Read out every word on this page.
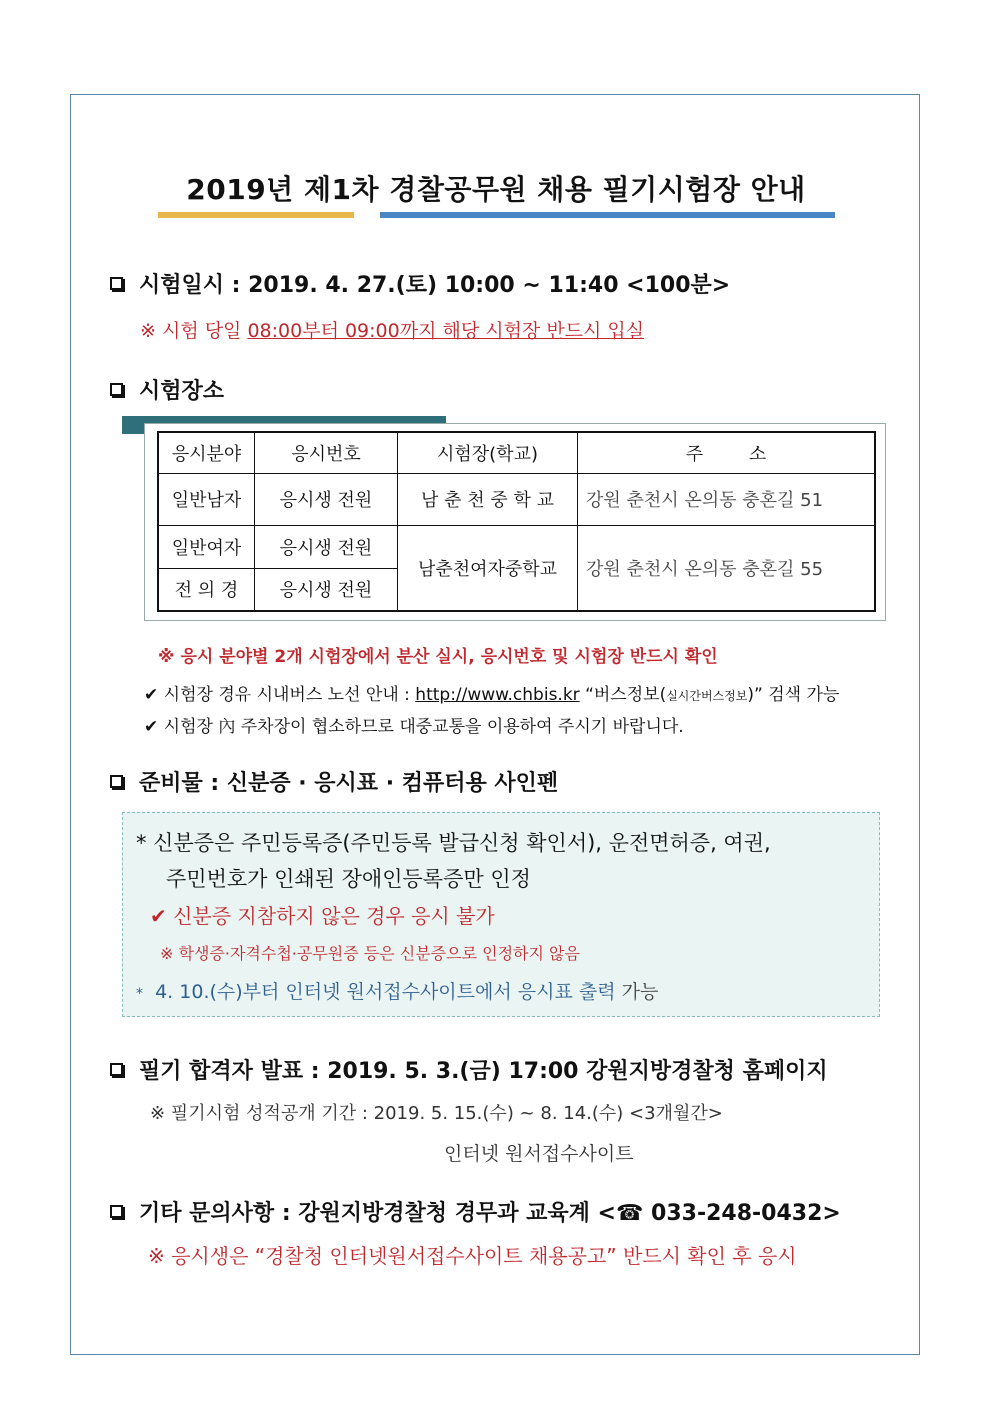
2019년 제1차 경찰공무원 채용 필기시험장 안내
시험일시 : 2019. 4. 27.(토) 10:00 ~ 11:40 <100분>
※ 시험 당일 08:00부터 09:00까지 해당 시험장 반드시 입실
시험장소
응시분야	응시번호	시험장(학교)	주        소
일반남자	응시생 전원	남 춘 천 중 학 교	강원 춘천시 온의동 충혼길 51
일반여자	응시생 전원	남춘천여자중학교	강원 춘천시 온의동 충혼길 55
전 의 경	응시생 전원		
※ 응시 분야별 2개 시험장에서 분산 실시, 응시번호 및 시험장 반드시 확인
✔ 시험장 경유 시내버스 노선 안내 : http://www.chbis.kr “버스정보(실시간버스정보)” 검색 가능
✔ 시험장 內 주차장이 협소하므로 대중교통을 이용하여 주시기 바랍니다.
준비물 : 신분증 · 응시표 · 컴퓨터용 사인펜
* 신분증은 주민등록증(주민등록 발급신청 확인서), 운전면허증, 여권,
주민번호가 인쇄된 장애인등록증만 인정
✔ 신분증 지참하지 않은 경우 응시 불가
※ 학생증·자격수첩·공무원증 등은 신분증으로 인정하지 않음
* 4. 10.(수)부터 인터넷 원서접수사이트에서 응시표 출력 가능
필기 합격자 발표 : 2019. 5. 3.(금) 17:00 강원지방경찰청 홈페이지
※ 필기시험 성적공개 기간 : 2019. 5. 15.(수) ~ 8. 14.(수) <3개월간>
인터넷 원서접수사이트
기타 문의사항 : 강원지방경찰청 경무과 교육계 <☎ 033-248-0432>
※ 응시생은 “경찰청 인터넷원서접수사이트 채용공고” 반드시 확인 후 응시
